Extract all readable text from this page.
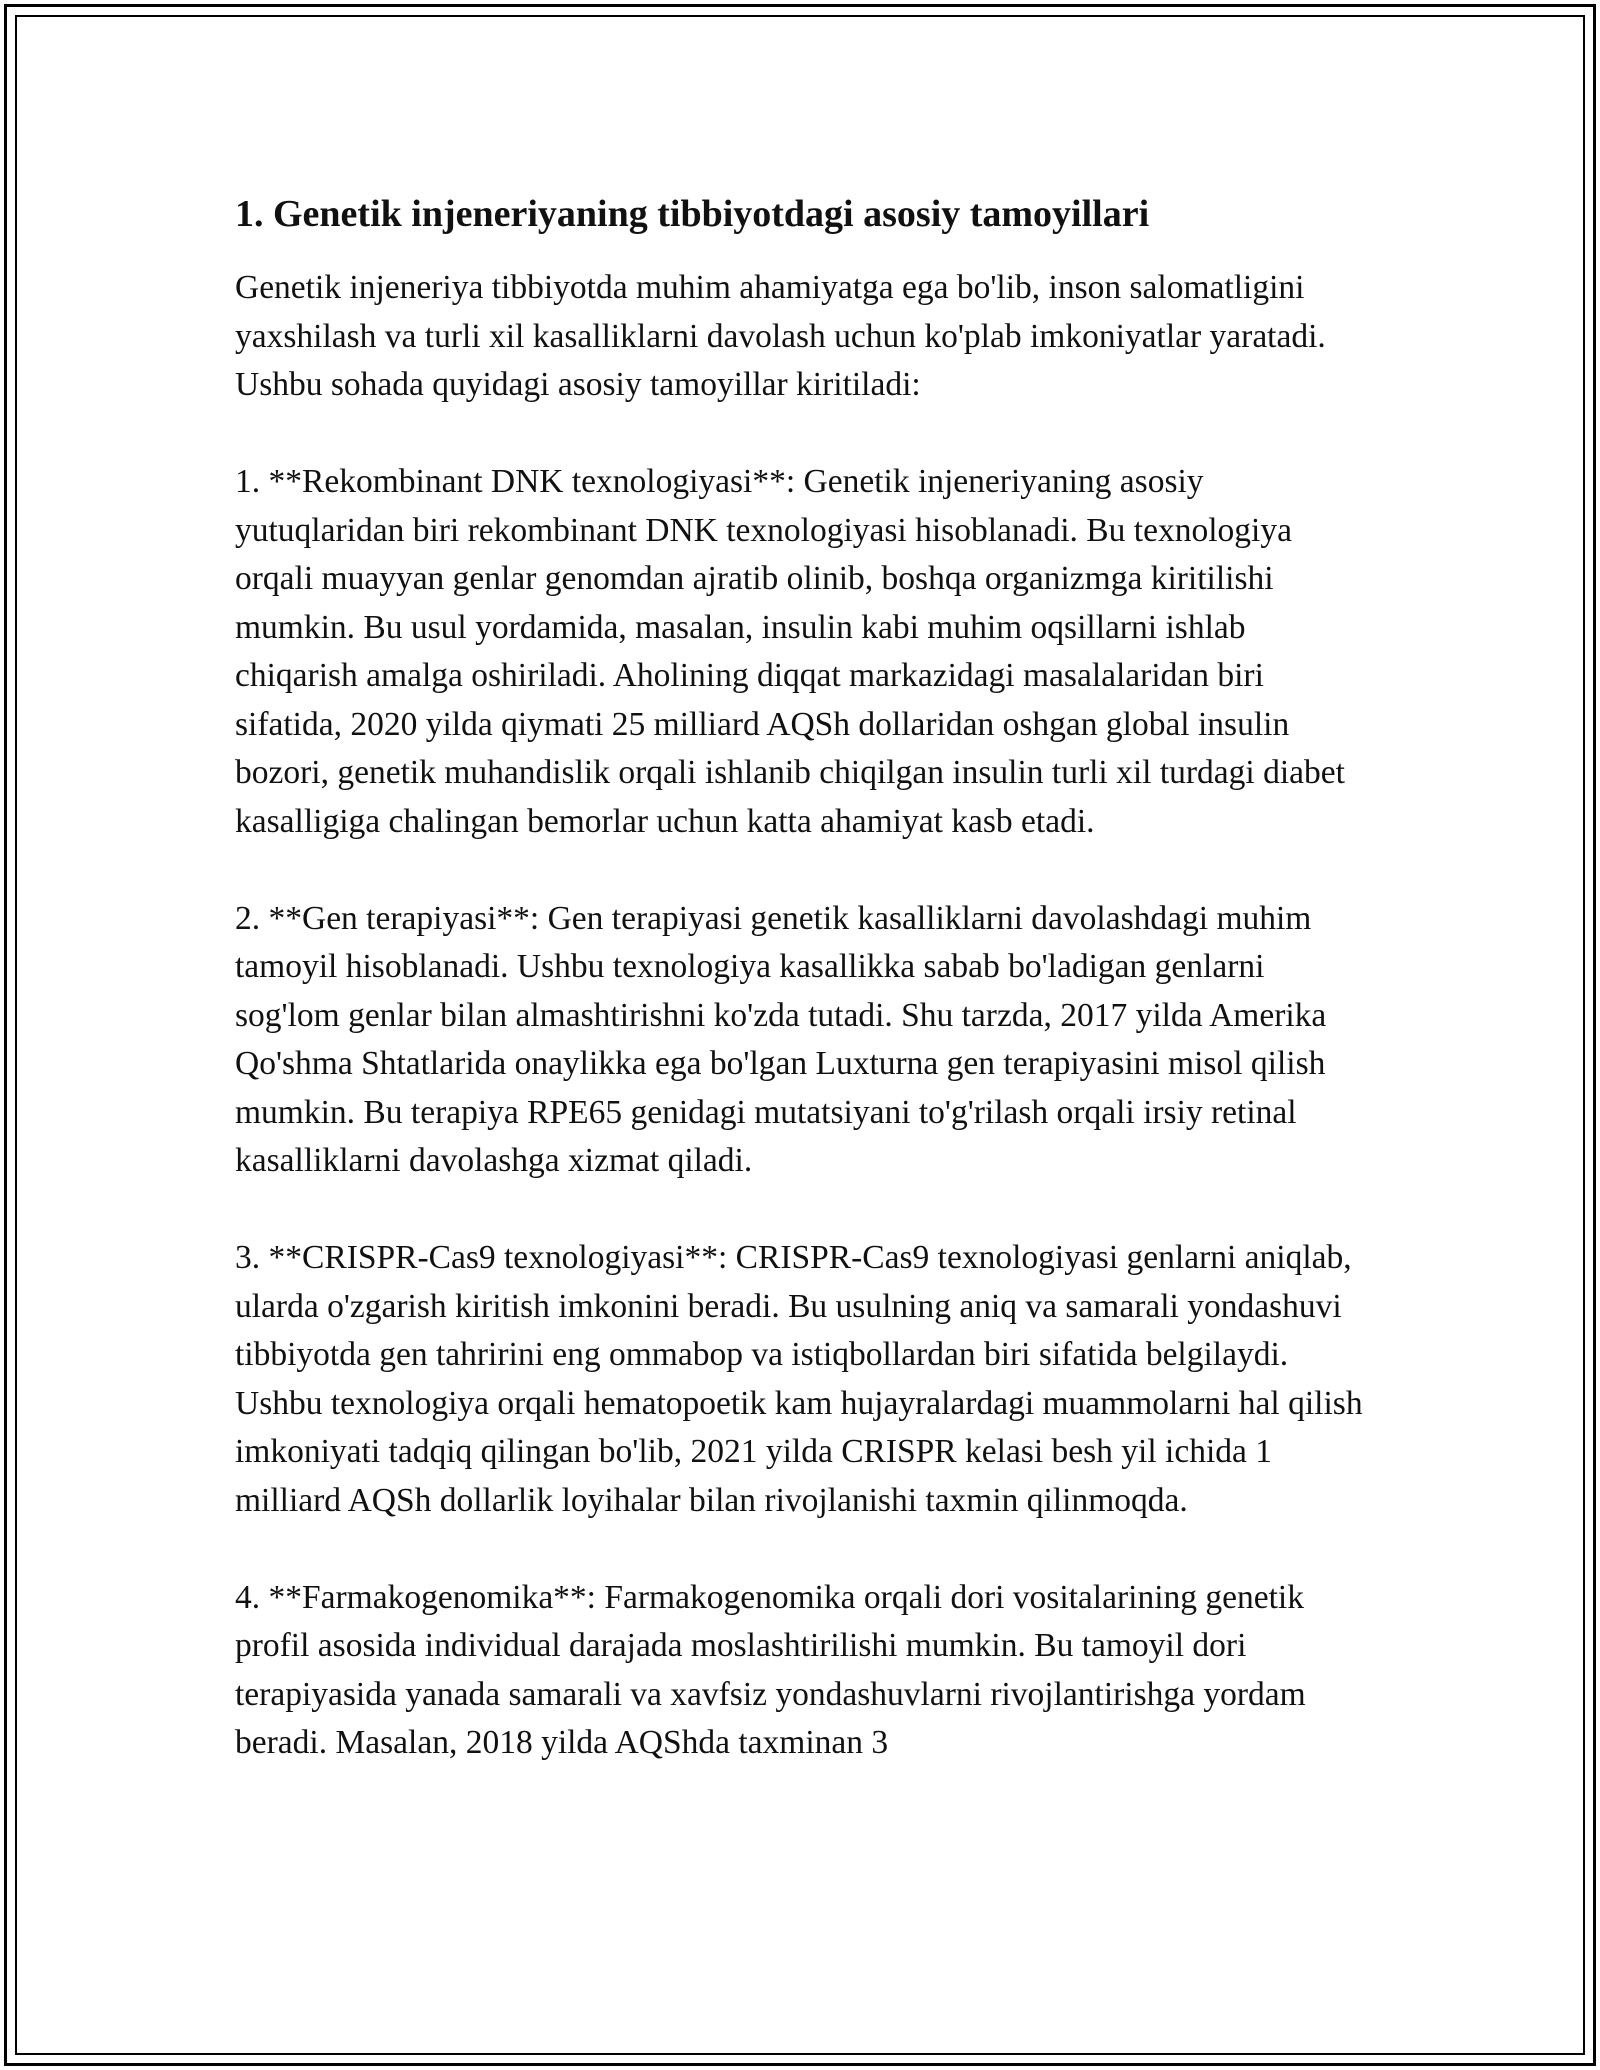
1. Genetik injeneriyaning tibbiyotdagi asosiy tamoyillari

Genetik injeneriya tibbiyotda muhim ahamiyatga ega bo'lib, inson salomatligini yaxshilash va turli xil kasalliklarni davolash uchun ko'plab imkoniyatlar yaratadi. Ushbu sohada quyidagi asosiy tamoyillar kiritiladi:

1. **Rekombinant DNK texnologiyasi**: Genetik injeneriyaning asosiy yutuqlaridan biri rekombinant DNK texnologiyasi hisoblanadi. Bu texnologiya orqali muayyan genlar genomdan ajratib olinib, boshqa organizmga kiritilishi mumkin. Bu usul yordamida, masalan, insulin kabi muhim oqsillarni ishlab chiqarish amalga oshiriladi. Aholining diqqat markazidagi masalalaridan biri sifatida, 2020 yilda qiymati 25 milliard AQSh dollaridan oshgan global insulin bozori, genetik muhandislik orqali ishlanib chiqilgan insulin turli xil turdagi diabet kasalligiga chalingan bemorlar uchun katta ahamiyat kasb etadi.

2. **Gen terapiyasi**: Gen terapiyasi genetik kasalliklarni davolashdagi muhim tamoyil hisoblanadi. Ushbu texnologiya kasallikka sabab bo'ladigan genlarni sog'lom genlar bilan almashtirishni ko'zda tutadi. Shu tarzda, 2017 yilda Amerika Qo'shma Shtatlarida onaylikka ega bo'lgan Luxturna gen terapiyasini misol qilish mumkin. Bu terapiya RPE65 genidagi mutatsiyani to'g'rilash orqali irsiy retinal kasalliklarni davolashga xizmat qiladi.

3. **CRISPR-Cas9 texnologiyasi**: CRISPR-Cas9 texnologiyasi genlarni aniqlab, ularda o'zgarish kiritish imkonini beradi. Bu usulning aniq va samarali yondashuvi tibbiyotda gen tahririni eng ommabop va istiqbollardan biri sifatida belgilaydi. Ushbu texnologiya orqali hematopoetik kam hujayralardagi muammolarni hal qilish imkoniyati tadqiq qilingan bo'lib, 2021 yilda CRISPR kelasi besh yil ichida 1 milliard AQSh dollarlik loyihalar bilan rivojlanishi taxmin qilinmoqda.

4. **Farmakogenomika**: Farmakogenomika orqali dori vositalarining genetik profil asosida individual darajada moslashtirilishi mumkin. Bu tamoyil dori terapiyasida yanada samarali va xavfsiz yondashuvlarni rivojlantirishga yordam beradi. Masalan, 2018 yilda AQShda taxminan 3
